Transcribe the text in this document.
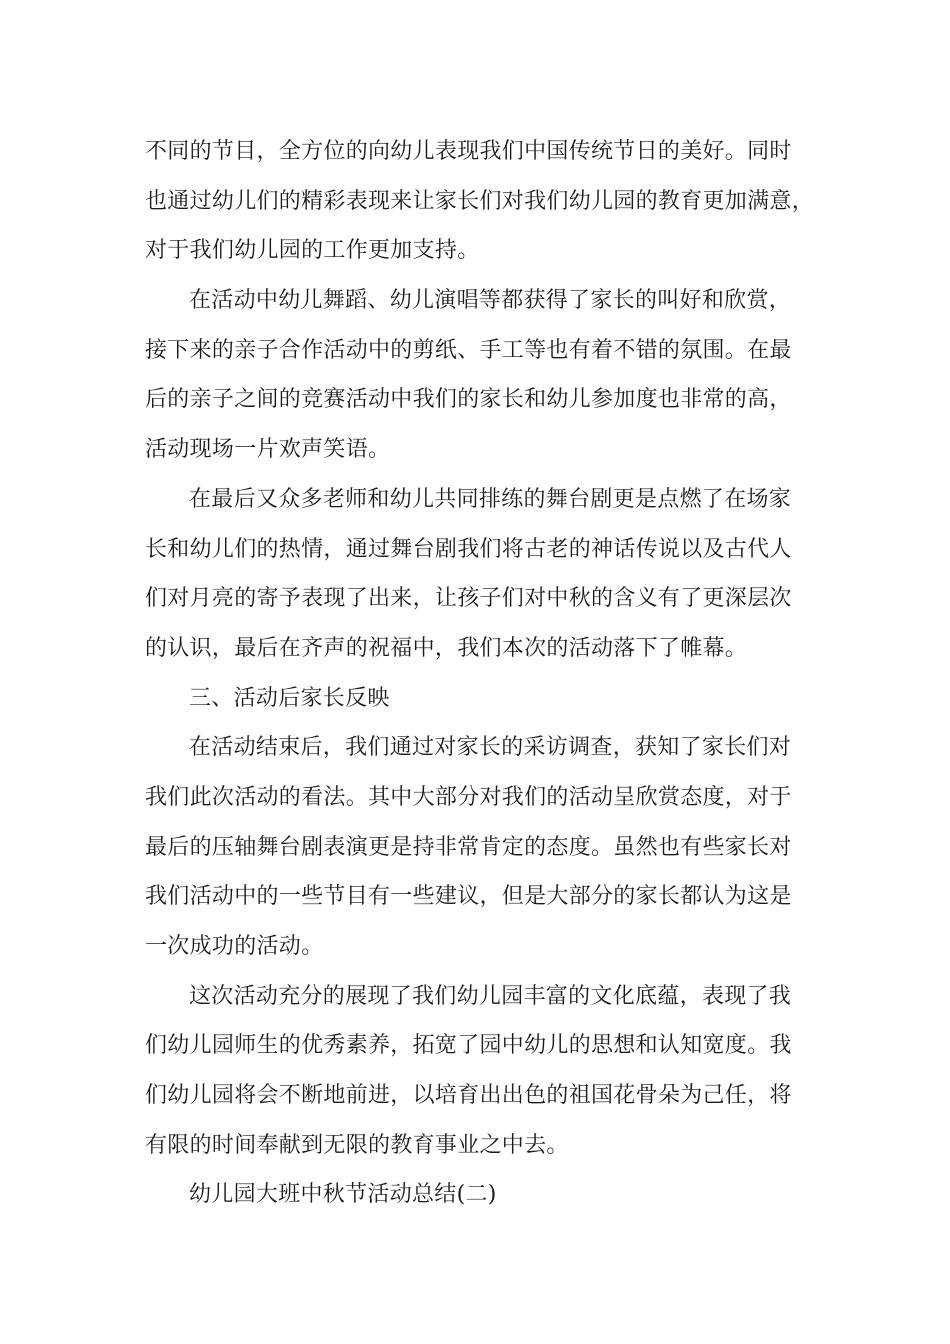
不同的节目，全方位的向幼儿表现我们中国传统节日的美好。同时
也通过幼儿们的精彩表现来让家长们对我们幼儿园的教育更加满意，
对于我们幼儿园的工作更加支持。
在活动中幼儿舞蹈、幼儿演唱等都获得了家长的叫好和欣赏，
接下来的亲子合作活动中的剪纸、手工等也有着不错的氛围。在最
后的亲子之间的竞赛活动中我们的家长和幼儿参加度也非常的高，
活动现场一片欢声笑语。
在最后又众多老师和幼儿共同排练的舞台剧更是点燃了在场家
长和幼儿们的热情，通过舞台剧我们将古老的神话传说以及古代人
们对月亮的寄予表现了出来，让孩子们对中秋的含义有了更深层次
的认识，最后在齐声的祝福中，我们本次的活动落下了帷幕。
三、活动后家长反映
在活动结束后，我们通过对家长的采访调查，获知了家长们对
我们此次活动的看法。其中大部分对我们的活动呈欣赏态度，对于
最后的压轴舞台剧表演更是持非常肯定的态度。虽然也有些家长对
我们活动中的一些节目有一些建议，但是大部分的家长都认为这是
一次成功的活动。
这次活动充分的展现了我们幼儿园丰富的文化底蕴，表现了我
们幼儿园师生的优秀素养，拓宽了园中幼儿的思想和认知宽度。我
们幼儿园将会不断地前进，以培育出出色的祖国花骨朵为己任，将
有限的时间奉献到无限的教育事业之中去。
幼儿园大班中秋节活动总结(二)
